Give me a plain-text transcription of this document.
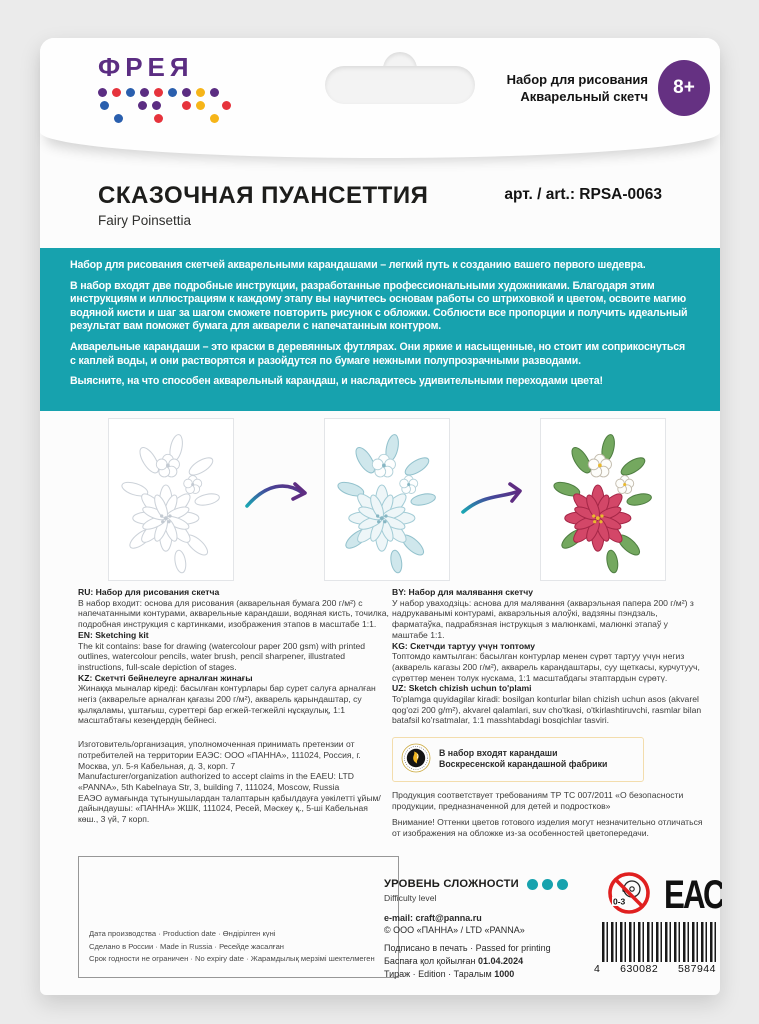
ФРЕЯ	Набор для рисования
Акварельный скетч	8+
СКАЗОЧНАЯ ПУАНСЕТТИЯ
Fairy Poinsettia
арт. / art.: RPSA-0063

Набор для рисования скетчей акварельными карандашами – легкий путь к созданию вашего первого шедевра.

В набор входят две подробные инструкции, разработанные профессиональными художниками. Благодаря этим инструкциям и иллюстрациям к каждому этапу вы научитесь основам работы со штриховкой и цветом, освоите магию водяной кисти и шаг за шагом сможете повторить рисунок с обложки. Соблюсти все пропорции и получить идеальный результат вам поможет бумага для акварели с напечатанным контуром.

Акварельные карандаши – это краски в деревянных футлярах. Они яркие и насыщенные, но стоит им соприкоснуться с каплей воды, и они растворятся и разойдутся по бумаге нежными полупрозрачными разводами.

Выясните, на что способен акварельный карандаш, и насладитесь удивительными переходами цвета!

RU: Набор для рисования скетча
В набор входит: основа для рисования (акварельная бумага 200 г/м²) с напечатанными контурами, акварельные карандаши, водяная кисть, точилка, подробная инструкция с картинками, изображения этапов в масштабе 1:1.
EN: Sketching kit
The kit contains: base for drawing (watercolour paper 200 gsm) with printed outlines, watercolour pencils, water brush, pencil sharpener, illustrated instructions, full-scale depiction of stages.
KZ: Скетчті бейнелеуге арналған жинағы
Жинаққа мыналар кіреді: басылған контурлары бар сурет салуға арналған негіз (акварельге арналған қағазы 200 г/м²), акварель қарындаштар, су қылқаламы, ұштағыш, суреттері бар егжей-тегжейлі нұсқаулық, 1:1 масштабтағы кезеңдердің бейнесі.
Изготовитель/организация, уполномоченная принимать претензии от потребителей на территории ЕАЭС: ООО «ПАННА», 111024, Россия, г. Москва, ул. 5-я Кабельная, д. 3, корп. 7
Manufacturer/organization authorized to accept claims in the EAEU: LTD «PANNA», 5th Kabelnaya Str, 3, building 7, 111024, Moscow, Russia
ЕАЭО аумағында тұтынушылардан талаптарын қабылдауға уәкілетті ұйым/дайындаушы: «ПАННА» ЖШК, 111024, Ресей, Мәскеу қ., 5-ші Кабельная көш., 3 үй, 7 корп.
BY: Набор для малявання скетчу
У набор уваходзіць: аснова для малявання (акварэльная папера 200 г/м²) з надрукаванымі контурамі, акварэльныя алоўкі, вадзяны пэндзаль, фарматаўка, падрабязная інструкцыя з малюнкамі, малюнкі этапаў у маштабе 1:1.
KG: Скетчди тартуу үчүн топтому
Топтомдо камтылган: басылган контурлар менен сүрөт тартуу үчүн негиз (акварель кагазы 200 г/м²), акварель карандаштары, суу щеткасы, курчутууч, сүрөттөр менен толук нускама, 1:1 масштабдагы этаптардын сүрөтү.
UZ: Sketch chizish uchun to'plami
To'plamga quyidagilar kiradi: bosilgan konturlar bilan chizish uchun asos (akvarel qog'ozi 200 g/m²), akvarel qalamlari, suv cho'tkasi, o'tkirlashtiruvchi, rasmlar bilan batafsil ko'rsatmalar, 1:1 masshtabdagi bosqichlar tasviri.
В набор входят карандаши
Воскресенской карандашной фабрики

Продукция соответствует требованиям ТР ТС 007/2011 «О безопасности продукции, предназначенной для детей и подростков»

Внимание! Оттенки цветов готового изделия могут незначительно отличаться от изображения на обложке из-за особенностей цветопередачи.

Дата производства · Production date · Өндірілген күні
Сделано в России · Made in Russia · Ресейде жасалған
Срок годности не ограничен · No expiry date · Жарамдылық мерзімі шектелмеген
УРОВЕНЬ СЛОЖНОСТИ
Difficulty level
e-mail: craft@panna.ru
© ООО «ПАННА» / LTD «PANNA»
Подписано в печать · Passed for printing
Баспаға қол қойылған 01.04.2024
Тираж · Edition · Таралым 1000
0-3 ЕАС
4 630082 587944
